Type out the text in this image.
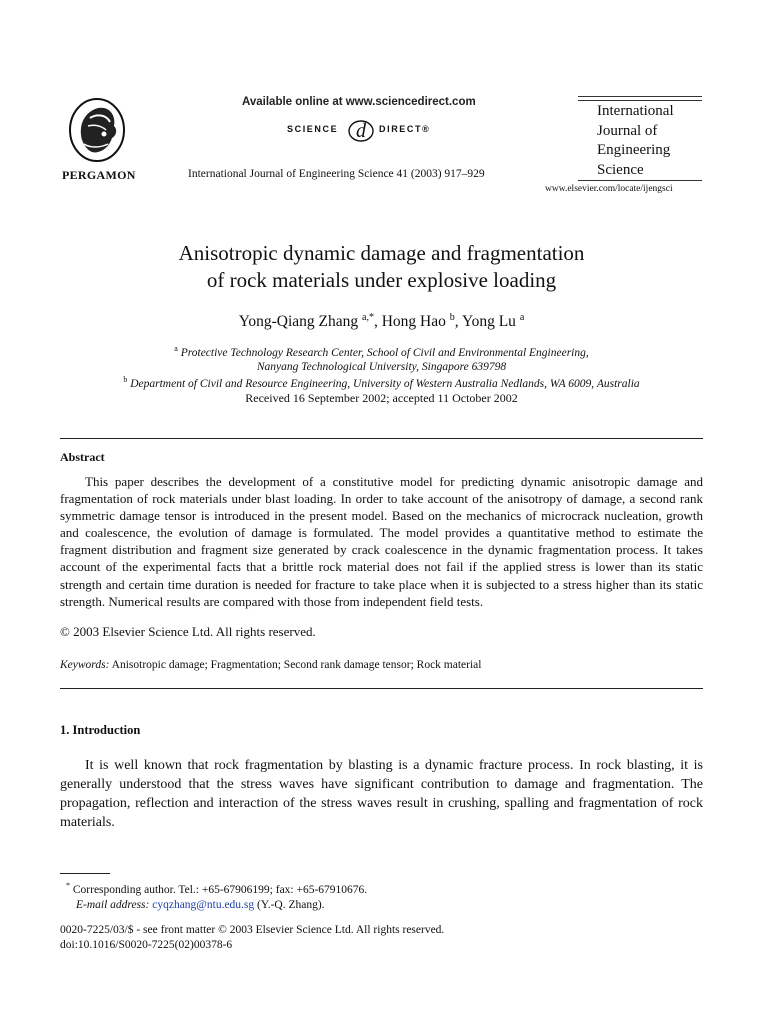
PERGAMON
Available online at www.sciencedirect.com
SCIENCE d DIRECT®
International Journal of Engineering Science 41 (2003) 917–929
International Journal of Engineering Science
www.elsevier.com/locate/ijengsci
Anisotropic dynamic damage and fragmentation
of rock materials under explosive loading
Yong-Qiang Zhang $^{a,*}$, Hong Hao $^b$, Yong Lu $^a$
$^a$ Protective Technology Research Center, School of Civil and Environmental Engineering,
Nanyang Technological University, Singapore 639798
$^b$ Department of Civil and Resource Engineering, University of Western Australia Nedlands, WA 6009, Australia
Received 16 September 2002; accepted 11 October 2002
Abstract
This paper describes the development of a constitutive model for predicting dynamic anisotropic damage and fragmentation of rock materials under blast loading. In order to take account of the anisotropy of damage, a second rank symmetric damage tensor is introduced in the present model. Based on the mechanics of microcrack nucleation, growth and coalescence, the evolution of damage is formulated. The model provides a quantitative method to estimate the fragment distribution and fragment size generated by crack coalescence in the dynamic fragmentation process. It takes account of the experimental facts that a brittle rock material does not fail if the applied stress is lower than its static strength and certain time duration is needed for fracture to take place when it is subjected to a stress higher than its static strength. Numerical results are compared with those from independent field tests.
© 2003 Elsevier Science Ltd. All rights reserved.
Keywords: Anisotropic damage; Fragmentation; Second rank damage tensor; Rock material
1. Introduction
It is well known that rock fragmentation by blasting is a dynamic fracture process. In rock blasting, it is generally understood that the stress waves have significant contribution to damage and fragmentation. The propagation, reflection and interaction of the stress waves result in crushing, spalling and fragmentation of rock materials.
* Corresponding author. Tel.: +65-67906199; fax: +65-67910676.
E-mail address: cyqzhang@ntu.edu.sg (Y.-Q. Zhang).
0020-7225/03/$ - see front matter © 2003 Elsevier Science Ltd. All rights reserved.
doi:10.1016/S0020-7225(02)00378-6
